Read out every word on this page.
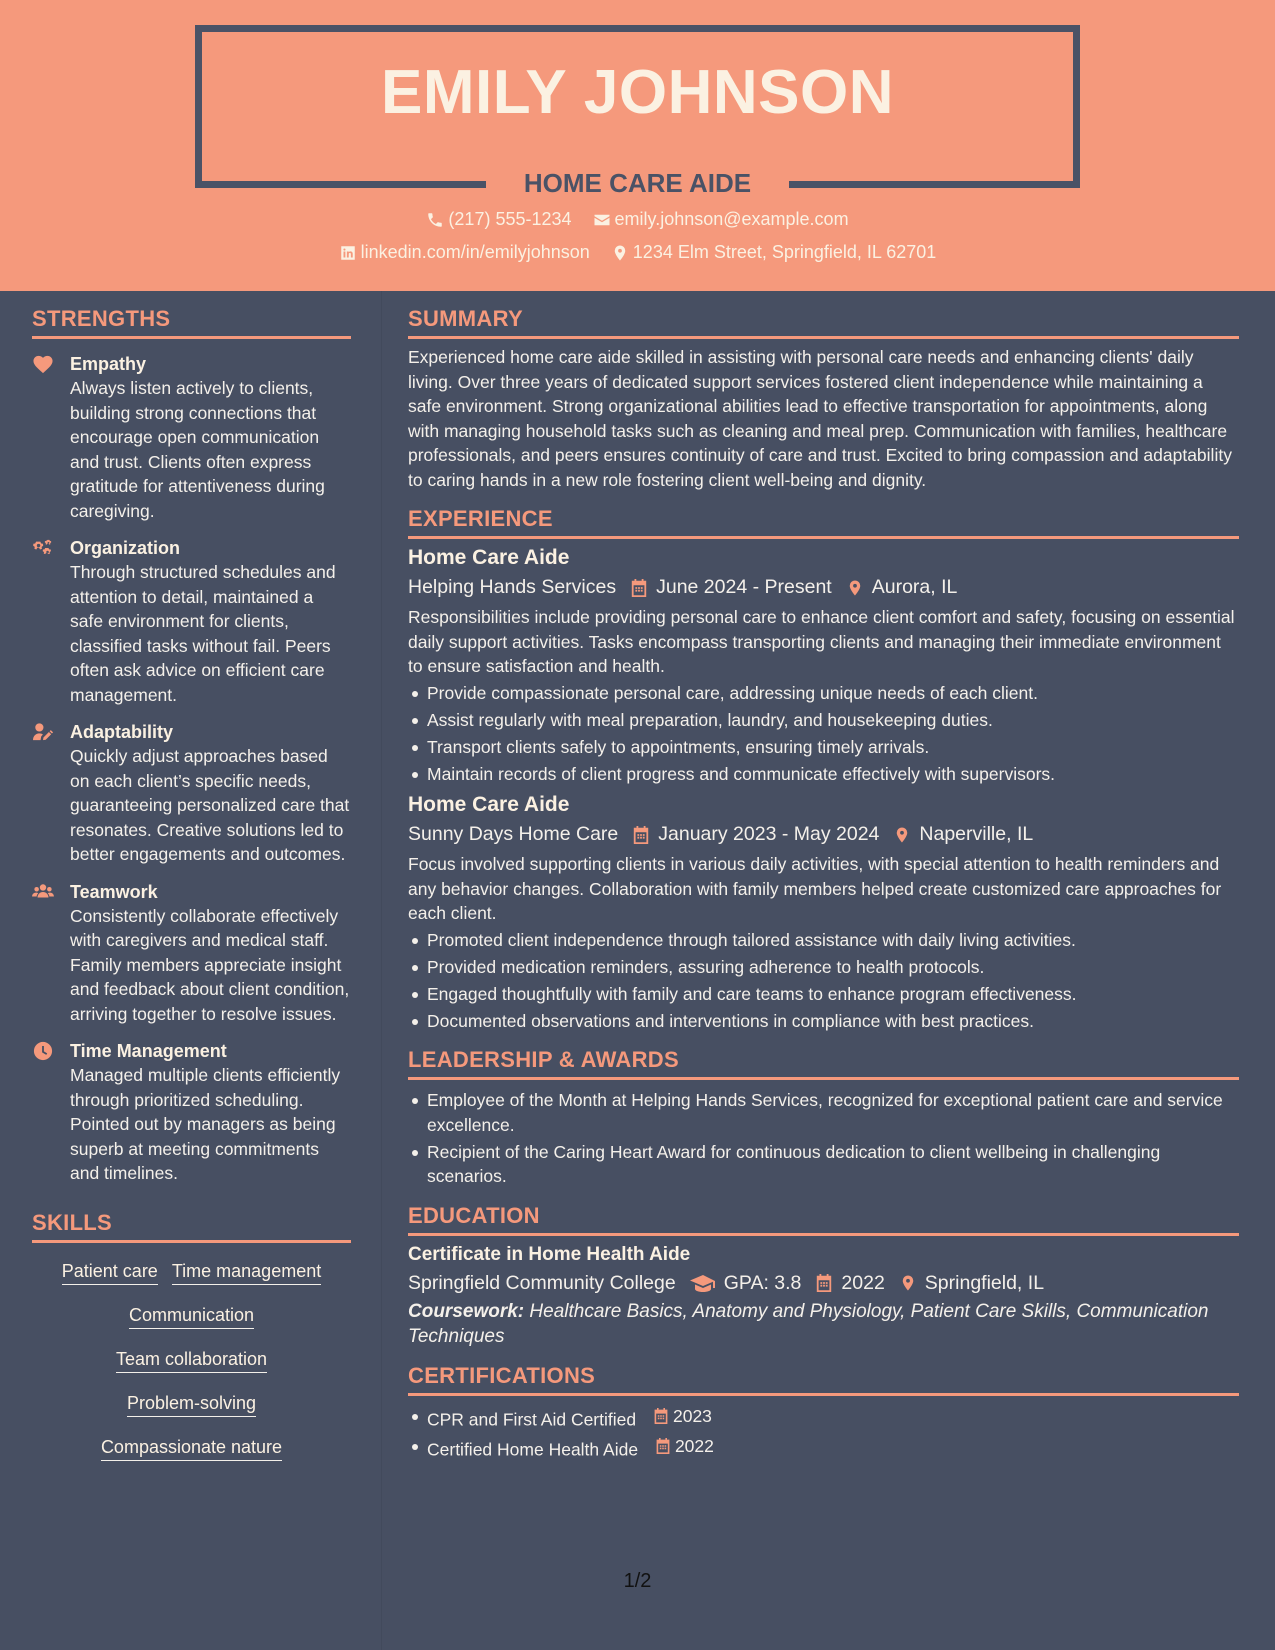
EMILY JOHNSON
HOME CARE AIDE
(217) 555-1234
emily.johnson@example.com
linkedin.com/in/emilyjohnson
1234 Elm Street, Springfield, IL 62701
STRENGTHS
Empathy
Always listen actively to clients, building strong connections that encourage open communication and trust. Clients often express gratitude for attentiveness during caregiving.
Organization
Through structured schedules and attention to detail, maintained a safe environment for clients, classified tasks without fail. Peers often ask advice on efficient care management.
Adaptability
Quickly adjust approaches based on each client’s specific needs, guaranteeing personalized care that resonates. Creative solutions led to better engagements and outcomes.
Teamwork
Consistently collaborate effectively with caregivers and medical staff. Family members appreciate insight and feedback about client condition, arriving together to resolve issues.
Time Management
Managed multiple clients efficiently through prioritized scheduling. Pointed out by managers as being superb at meeting commitments and timelines.
SKILLS
Patient care Time management
Communication
Team collaboration
Problem-solving
Compassionate nature
SUMMARY
Experienced home care aide skilled in assisting with personal care needs and enhancing clients' daily living. Over three years of dedicated support services fostered client independence while maintaining a safe environment. Strong organizational abilities lead to effective transportation for appointments, along with managing household tasks such as cleaning and meal prep. Communication with families, healthcare professionals, and peers ensures continuity of care and trust. Excited to bring compassion and adaptability to caring hands in a new role fostering client well-being and dignity.
EXPERIENCE
Home Care Aide
Helping Hands Services June 2024 - Present Aurora, IL
Responsibilities include providing personal care to enhance client comfort and safety, focusing on essential daily support activities. Tasks encompass transporting clients and managing their immediate environment to ensure satisfaction and health.
Provide compassionate personal care, addressing unique needs of each client.
Assist regularly with meal preparation, laundry, and housekeeping duties.
Transport clients safely to appointments, ensuring timely arrivals.
Maintain records of client progress and communicate effectively with supervisors.
Home Care Aide
Sunny Days Home Care January 2023 - May 2024 Naperville, IL
Focus involved supporting clients in various daily activities, with special attention to health reminders and any behavior changes. Collaboration with family members helped create customized care approaches for each client.
Promoted client independence through tailored assistance with daily living activities.
Provided medication reminders, assuring adherence to health protocols.
Engaged thoughtfully with family and care teams to enhance program effectiveness.
Documented observations and interventions in compliance with best practices.
LEADERSHIP & AWARDS
Employee of the Month at Helping Hands Services, recognized for exceptional patient care and service excellence.
Recipient of the Caring Heart Award for continuous dedication to client wellbeing in challenging scenarios.
EDUCATION
Certificate in Home Health Aide
Springfield Community College GPA: 3.8 2022 Springfield, IL
Coursework: Healthcare Basics, Anatomy and Physiology, Patient Care Skills, Communication Techniques
CERTIFICATIONS
CPR and First Aid Certified 2023
Certified Home Health Aide 2022
1/2
